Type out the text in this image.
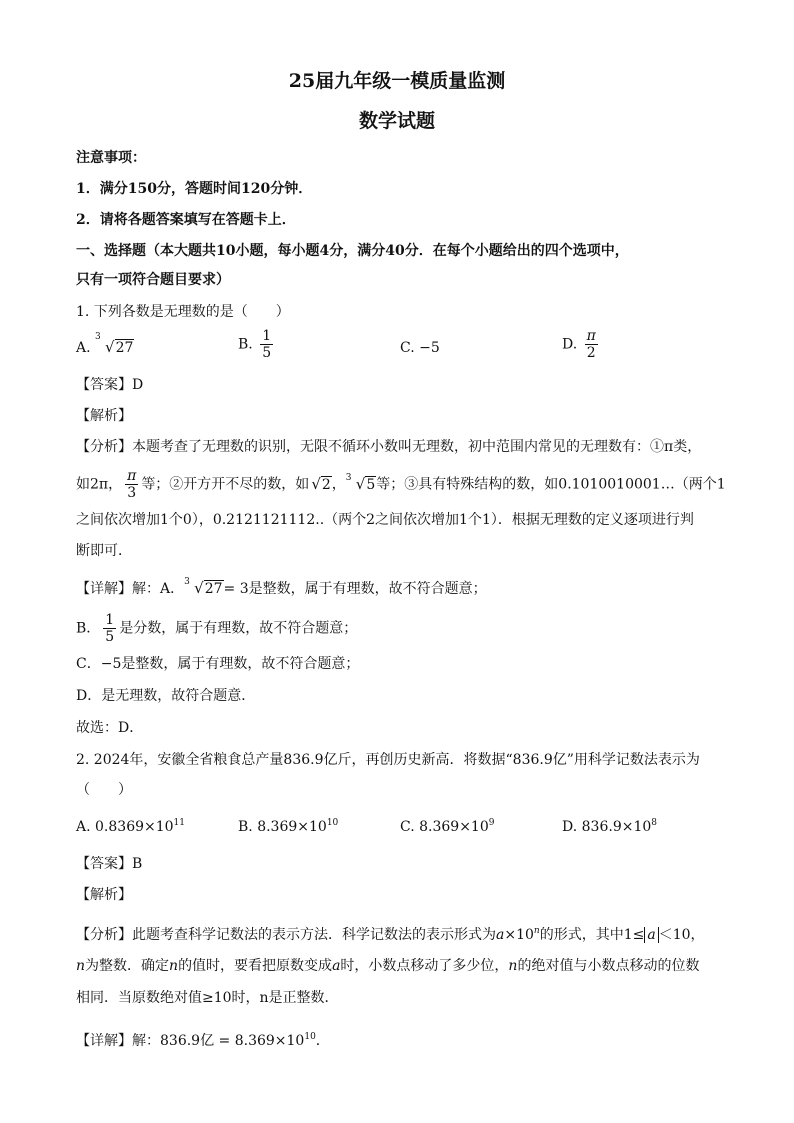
25届九年级一模质量监测
数学试题
注意事项：
1．满分150分，答题时间120分钟．
2．请将各题答案填写在答题卡上．
一、选择题（本大题共10小题，每小题4分，满分40分．在每个小题给出的四个选项中，
只有一项符合题目要求）
1. 下列各数是无理数的是（　　）
A.
3
√27	B. $\frac{1}{5}$	C. −5	D. $\frac{\pi}{2}$
【答案】D
【解析】
【分析】本题考查了无理数的识别，无限不循环小数叫无理数，初中范围内常见的无理数有：①π类，
如2π， $\frac{\pi}{3}$ 等；②开方开不尽的数，如 √2， 3 √5等；③具有特殊结构的数，如0.1010010001…（两个1
之间依次增加1个0），0.2121121112..（两个2之间依次增加1个1）．根据无理数的定义逐项进行判
断即可．
【详解】解：A． 3 √27= 3是整数，属于有理数，故不符合题意；
B． $\frac{1}{5}$ 是分数，属于有理数，故不符合题意；
C．−5是整数，属于有理数，故不符合题意；
D．是无理数，故符合题意．
故选：D．
2. 2024年，安徽全省粮食总产量836.9亿斤，再创历史新高．将数据“836.9亿”用科学记数法表示为
（　　）
A. $0.8369\times 10^{11}$	B. $8.369\times 10^{10}$	C. $8.369\times 10^9$	D. $836.9\times 10^8$
【答案】B
【解析】
【分析】此题考查科学记数法的表示方法．科学记数法的表示形式为$a\times 10^n$的形式，其中1≤ a ＜10，
n为整数．确定n的值时，要看把原数变成a时，小数点移动了多少位，n的绝对值与小数点移动的位数
相同．当原数绝对值≥10时，n是正整数．
【详解】解：836.9亿 = $8.369\times 10^{10}$．
